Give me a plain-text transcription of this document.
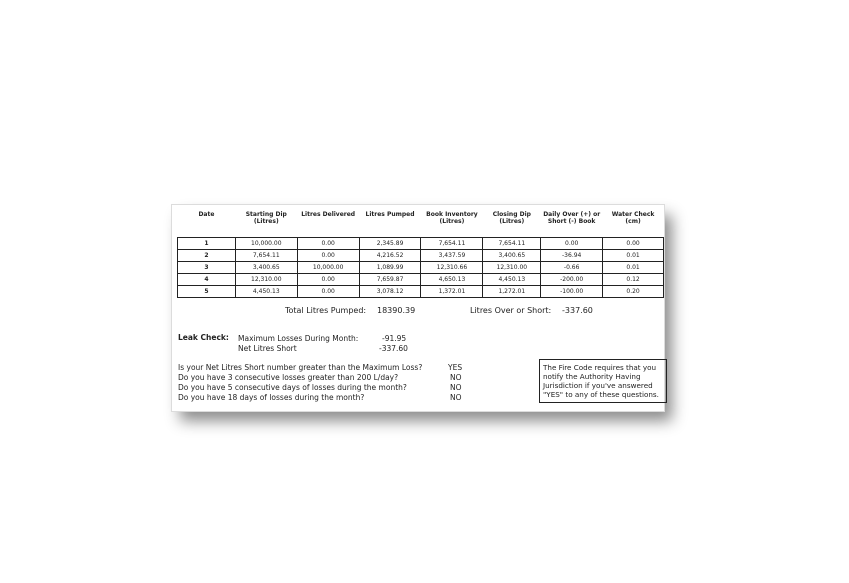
Date	Starting Dip (Litres)	Litres Delivered	Litres Pumped	Book Inventory (Litres)	Closing Dip (Litres)	Daily Over (+) or Short (-) Book	Water Check (cm)
1	10,000.00	0.00	2,345.89	7,654.11	7,654.11	0.00	0.00
2	7,654.11	0.00	4,216.52	3,437.59	3,400.65	-36.94	0.01
3	3,400.65	10,000.00	1,089.99	12,310.66	12,310.00	-0.66	0.01
4	12,310.00	0.00	7,659.87	4,650.13	4,450.13	-200.00	0.12
5	4,450.13	0.00	3,078.12	1,372.01	1,272.01	-100.00	0.20
Total Litres Pumped: 18390.39	Litres Over or Short: -337.60
Leak Check: Maximum Losses During Month:	-91.95
Net Litres Short	-337.60
Is your Net Litres Short number greater than the Maximum Loss?	YES
Do you have 3 consecutive losses greater than 200 L/day?	NO
Do you have 5 consecutive days of losses during the month?	NO
Do you have 18 days of losses during the month?	NO
The Fire Code requires that you notify the Authority Having Jurisdiction if you've answered "YES" to any of these questions.
